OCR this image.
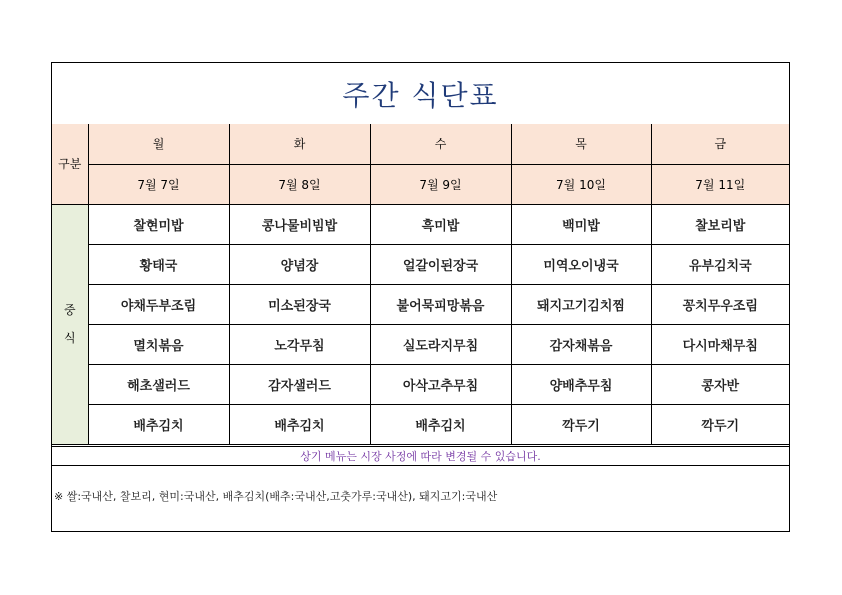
주간 식단표
구분	월	화	수	목	금
	7월 7일	7월 8일	7월 9일	7월 10일	7월 11일

중
식	찰현미밥	콩나물비빔밥	흑미밥	백미밥	찰보리밥
	황태국	양념장	얼갈이된장국	미역오이냉국	유부김치국
	야채두부조림	미소된장국	불어묵피망볶음	돼지고기김치찜	꽁치무우조림
	멸치볶음	노각무침	실도라지무침	감자채볶음	다시마채무침
	해초샐러드	감자샐러드	아삭고추무침	양배추무침	콩자반
	배추김치	배추김치	배추김치	깍두기	깍두기
상기 메뉴는 시장 사정에 따라 변경될 수 있습니다.
※ 쌀:국내산, 찰보리, 현미:국내산, 배추김치(배추:국내산,고춧가루:국내산), 돼지고기:국내산
